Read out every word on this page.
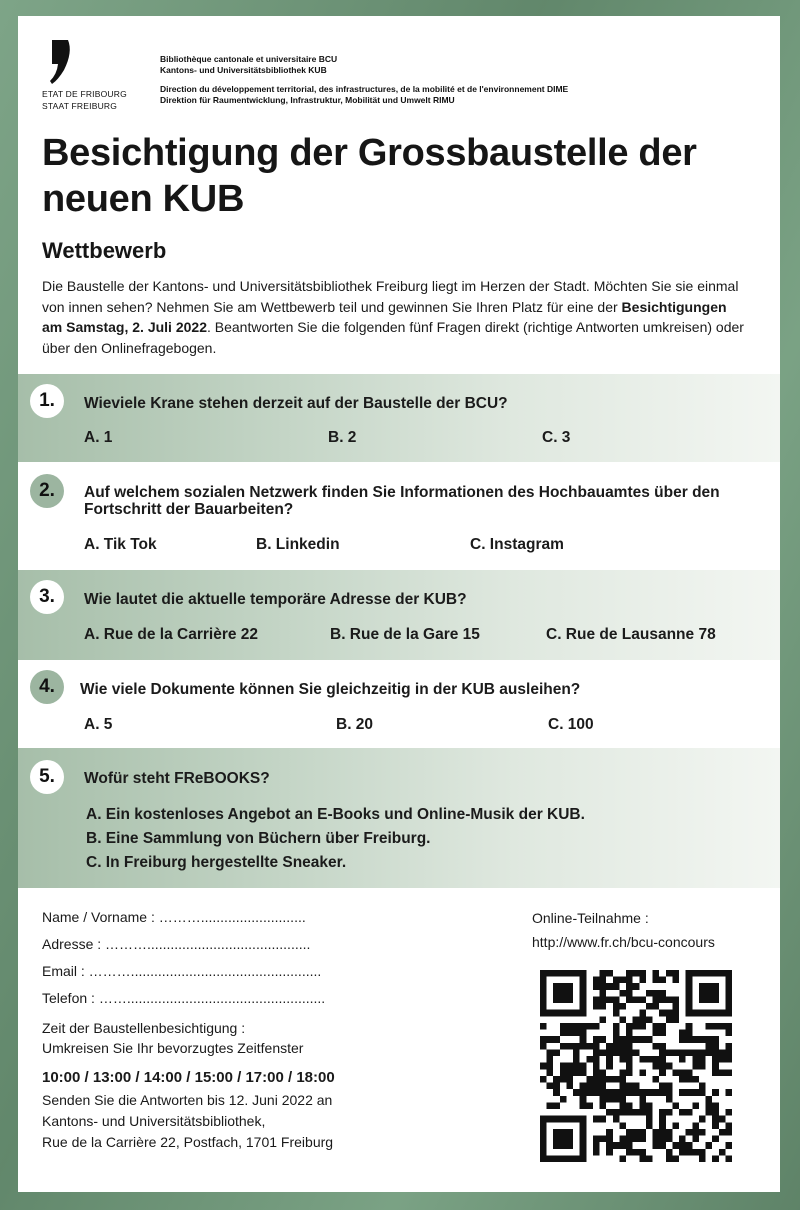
ETAT DE FRIBOURG
STAAT FREIBURG
Bibliothèque cantonale et universitaire BCU
Kantons- und Universitätsbibliothek KUB
Direction du développement territorial, des infrastructures, de la mobilité et de l'environnement DIME
Direktion für Raumentwicklung, Infrastruktur, Mobilität und Umwelt RIMU
Besichtigung der Grossbaustelle der neuen KUB
Wettbewerb
Die Baustelle der Kantons- und Universitätsbibliothek Freiburg liegt im Herzen der Stadt. Möchten Sie sie einmal von innen sehen? Nehmen Sie am Wettbewerb teil und gewinnen Sie Ihren Platz für eine der Besichtigungen am Samstag, 2. Juli 2022. Beantworten Sie die folgenden fünf Fragen direkt (richtige Antworten umkreisen) oder über den Onlinefragebogen.
1.	Wieviele Krane stehen derzeit auf der Baustelle der BCU?
A. 1	B. 2	C. 3
2.	Auf welchem sozialen Netzwerk finden Sie Informationen des Hochbauamtes über den Fortschritt der Bauarbeiten?
A. Tik Tok	B. Linkedin	C. Instagram
3.	Wie lautet die aktuelle temporäre Adresse der KUB?
A. Rue de la Carrière 22	B. Rue de la Gare 15	C. Rue de Lausanne 78
4.	Wie viele Dokumente können Sie gleichzeitig in der KUB ausleihen?
A. 5	B. 20	C. 100
5.	Wofür steht FReBOOKS?
A. Ein kostenloses Angebot an E-Books und Online-Musik der KUB.
B. Eine Sammlung von Büchern über Freiburg.
C. In Freiburg hergestellte Sneaker.
Name / Vorname : ………...........................
Adresse : ………..........................................
Email : ……….................................................
Telefon : ……...................................................
Zeit der Baustellenbesichtigung :
Umkreisen Sie Ihr bevorzugtes Zeitfenster
10:00 / 13:00 / 14:00 / 15:00 / 17:00 / 18:00
Senden Sie die Antworten bis 12. Juni 2022 an
Kantons- und Universitätsbibliothek,
Rue de la Carrière 22, Postfach, 1701 Freiburg
Online-Teilnahme :
http://www.fr.ch/bcu-concours
